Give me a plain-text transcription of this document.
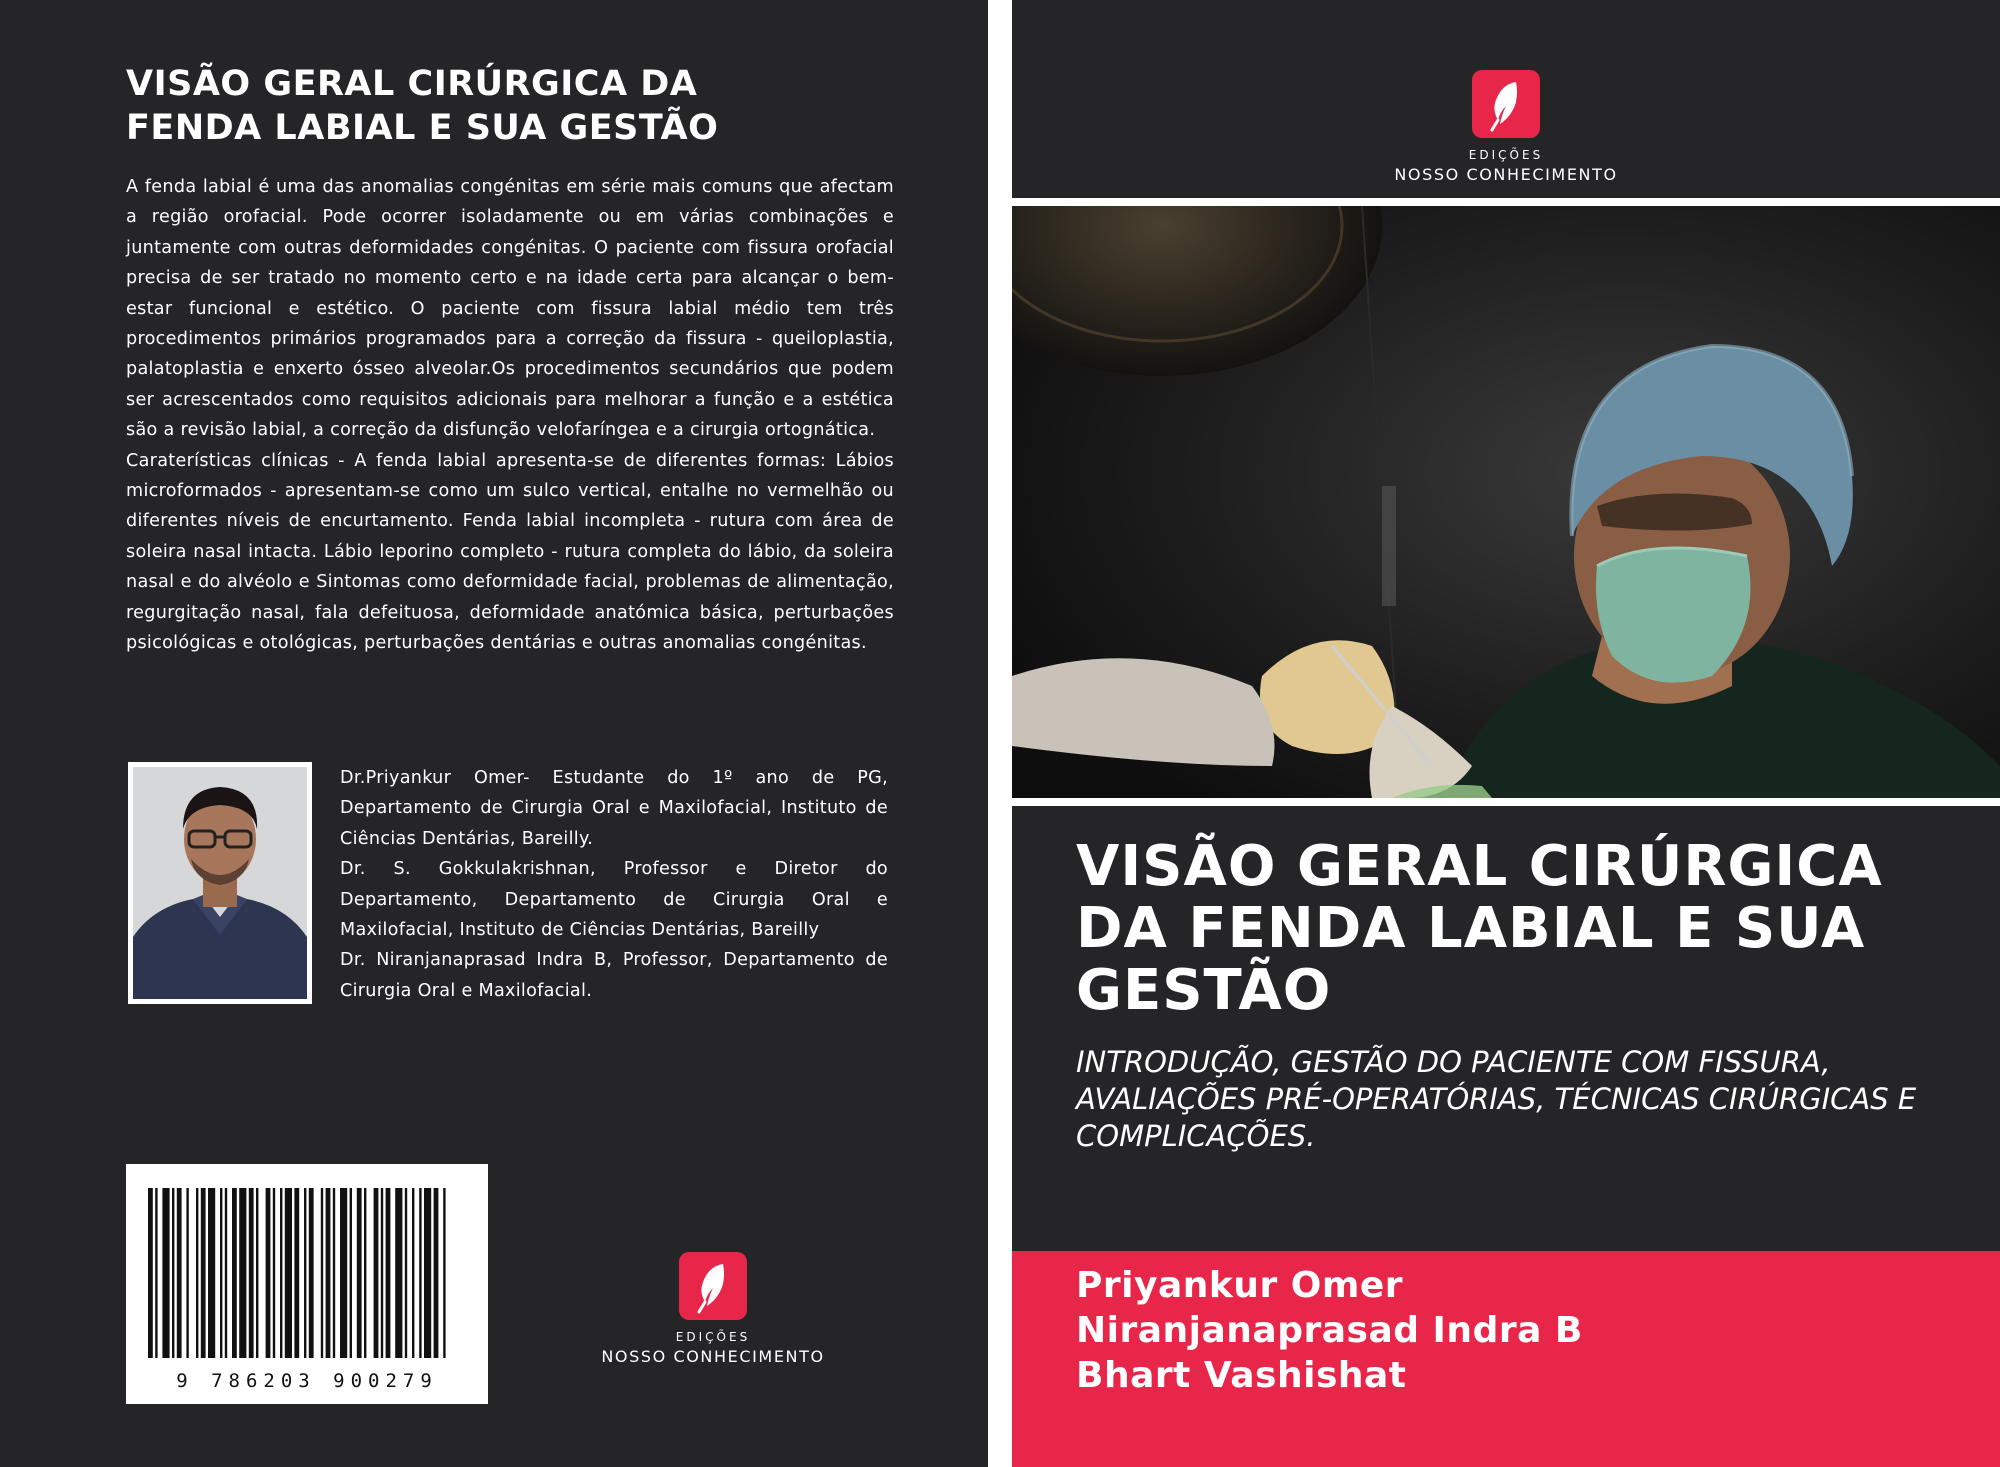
VISÃO GERAL CIRÚRGICA DA
FENDA LABIAL E SUA GESTÃO

A fenda labial é uma das anomalias congénitas em série mais comuns que afectam a região orofacial. Pode ocorrer isoladamente ou em várias combinações e juntamente com outras deformidades congénitas. O paciente com fissura orofacial precisa de ser tratado no momento certo e na idade certa para alcançar o bem-estar funcional e estético. O paciente com fissura labial médio tem três procedimentos primários programados para a correção da fissura - queiloplastia, palatoplastia e enxerto ósseo alveolar.Os procedimentos secundários que podem ser acrescentados como requisitos adicionais para melhorar a função e a estética são a revisão labial, a correção da disfunção velofaríngea e a cirurgia ortognática.

Caraterísticas clínicas - A fenda labial apresenta-se de diferentes formas: Lábios microformados - apresentam-se como um sulco vertical, entalhe no vermelhão ou diferentes níveis de encurtamento. Fenda labial incompleta - rutura com área de soleira nasal intacta. Lábio leporino completo - rutura completa do lábio, da soleira nasal e do alvéolo e Sintomas como deformidade facial, problemas de alimentação, regurgitação nasal, fala defeituosa, deformidade anatómica básica, perturbações psicológicas e otológicas, perturbações dentárias e outras anomalias congénitas.

Dr.Priyankur Omer- Estudante do 1º ano de PG, Departamento de Cirurgia Oral e Maxilofacial, Instituto de Ciências Dentárias, Bareilly.

Dr. S. Gokkulakrishnan, Professor e Diretor do Departamento, Departamento de Cirurgia Oral e Maxilofacial, Instituto de Ciências Dentárias, Bareilly

Dr. Niranjanaprasad Indra B, Professor, Departamento de Cirurgia Oral e Maxilofacial.

9 786203 900279
EDIÇÕES
NOSSO CONHECIMENTO
EDIÇÕES
NOSSO CONHECIMENTO
VISÃO GERAL CIRÚRGICA DA FENDA LABIAL E SUA GESTÃO
INTRODUÇÃO, GESTÃO DO PACIENTE COM FISSURA, AVALIAÇÕES PRÉ-OPERATÓRIAS, TÉCNICAS CIRÚRGICAS E COMPLICAÇÕES.
Priyankur Omer
Niranjanaprasad Indra B
Bhart Vashishat
